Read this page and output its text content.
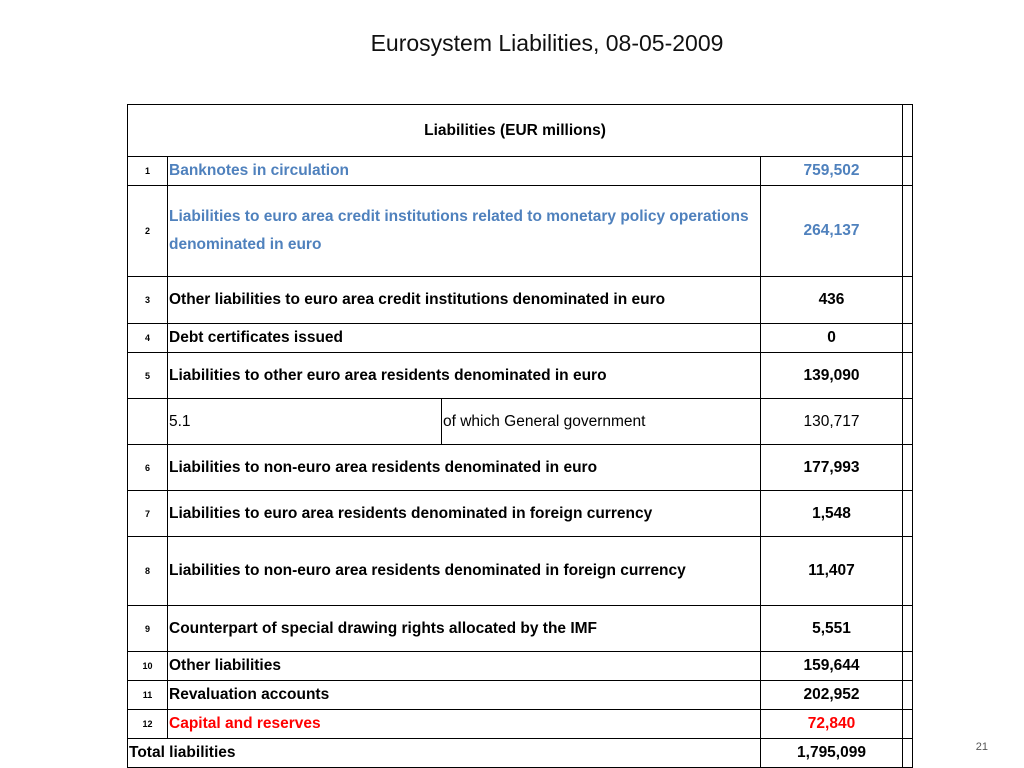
Eurosystem Liabilities, 08-05-2009
Liabilities (EUR millions)				
1	Banknotes in circulation		759,502	
2	Liabilities to euro area credit institutions related to monetary policy operations denominated in euro		264,137	
3	Other liabilities to euro area credit institutions denominated in euro		436	
4	Debt certificates issued		0	
5	Liabilities to other euro area residents denominated in euro		139,090	
	5.1	of which General government	130,717	
6	Liabilities to non-euro area residents denominated in euro		177,993	
7	Liabilities to euro area residents denominated in foreign currency		1,548	
8	Liabilities to non-euro area residents denominated in foreign currency		11,407	
9	Counterpart of special drawing rights allocated by the IMF		5,551	
10	Other liabilities		159,644	
11	Revaluation accounts		202,952	
12	Capital and reserves		72,840	
Total liabilities			1,795,099		21
